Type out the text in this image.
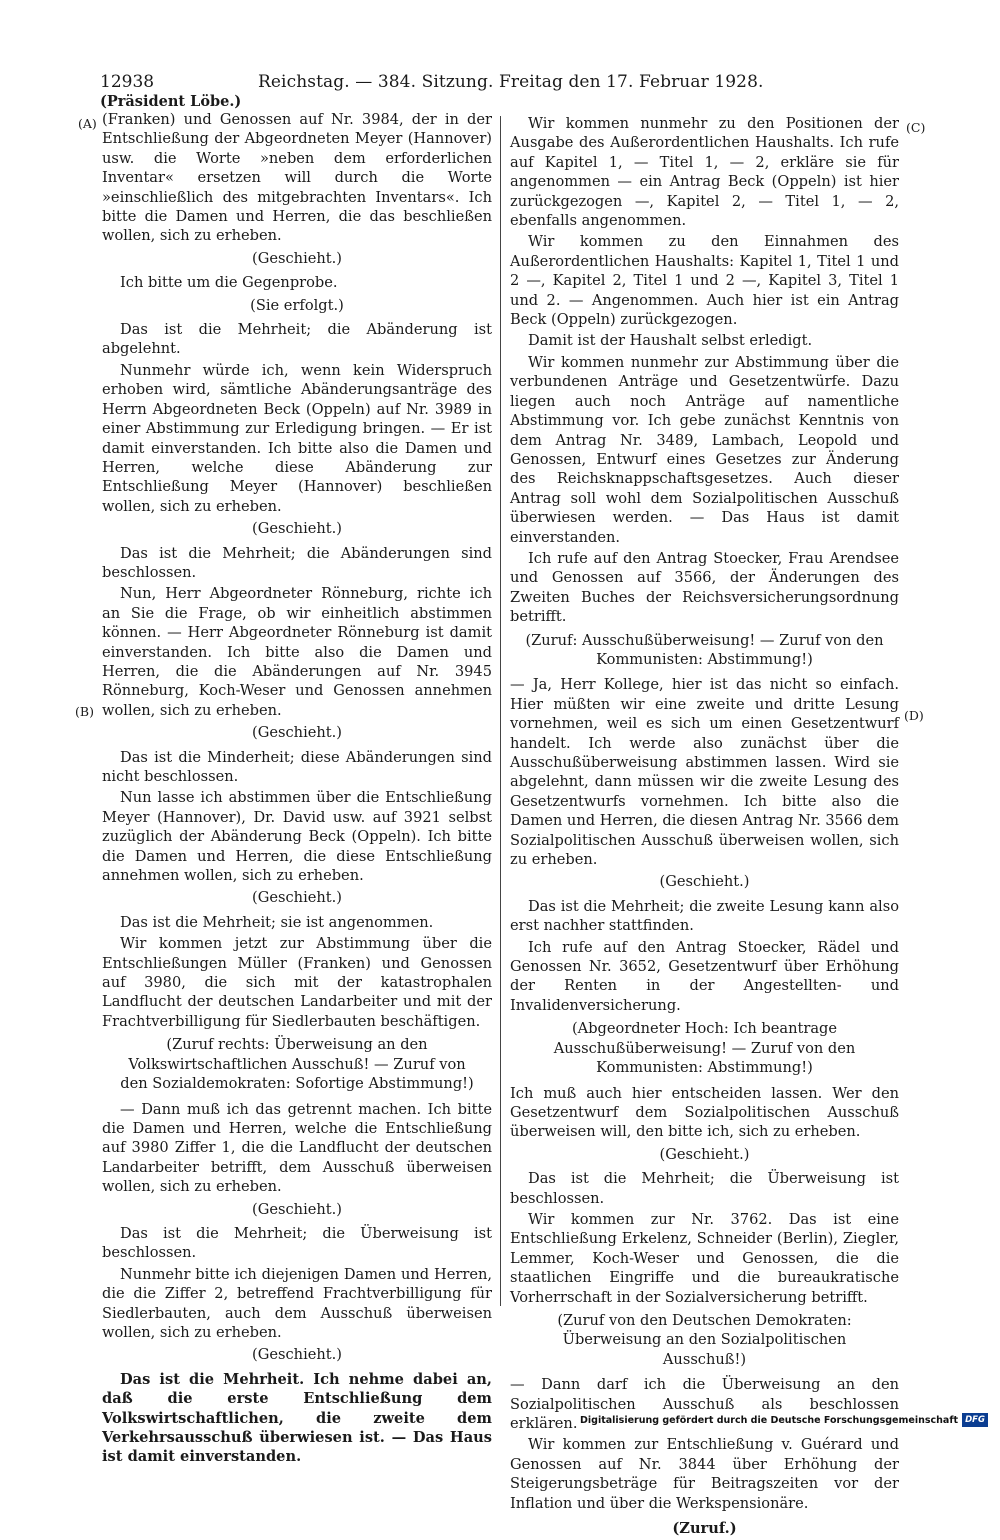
12938	Reichstag. — 384. Sitzung. Freitag den 17. Februar 1928.
(Präsident Löbe.)
(A)
(B)
(C)
(D)

(Franken) und Genossen auf Nr. 3984, der in der Entschließung der Abgeordneten Meyer (Hannover) usw. die Worte »neben dem erforderlichen Inventar« ersetzen will durch die Worte »einschließlich des mitgebrachten Inventars«. Ich bitte die Damen und Herren, die das beschließen wollen, sich zu erheben.

(Geschieht.)

Ich bitte um die Gegenprobe.

(Sie erfolgt.)

Das ist die Mehrheit; die Abänderung ist abgelehnt.

Nunmehr würde ich, wenn kein Widerspruch erhoben wird, sämtliche Abänderungsanträge des Herrn Abgeordneten Beck (Oppeln) auf Nr. 3989 in einer Abstimmung zur Erledigung bringen. — Er ist damit einverstanden. Ich bitte also die Damen und Herren, welche diese Abänderung zur Entschließung Meyer (Hannover) beschließen wollen, sich zu erheben.

(Geschieht.)

Das ist die Mehrheit; die Abänderungen sind beschlossen.

Nun, Herr Abgeordneter Rönneburg, richte ich an Sie die Frage, ob wir einheitlich abstimmen können. — Herr Abgeordneter Rönneburg ist damit einverstanden. Ich bitte also die Damen und Herren, die die Abänderungen auf Nr. 3945 Rönneburg, Koch-Weser und Genossen annehmen wollen, sich zu erheben.

(Geschieht.)

Das ist die Minderheit; diese Abänderungen sind nicht beschlossen.

Nun lasse ich abstimmen über die Entschließung Meyer (Hannover), Dr. David usw. auf 3921 selbst zuzüglich der Abänderung Beck (Oppeln). Ich bitte die Damen und Herren, die diese Entschließung annehmen wollen, sich zu erheben.

(Geschieht.)

Das ist die Mehrheit; sie ist angenommen.

Wir kommen jetzt zur Abstimmung über die Entschließungen Müller (Franken) und Genossen auf 3980, die sich mit der katastrophalen Landflucht der deutschen Landarbeiter und mit der Frachtverbilligung für Siedlerbauten beschäftigen.

(Zuruf rechts: Überweisung an den Volkswirtschaftlichen Ausschuß! — Zuruf von den Sozialdemokraten: Sofortige Abstimmung!)

— Dann muß ich das getrennt machen. Ich bitte die Damen und Herren, welche die Entschließung auf 3980 Ziffer 1, die die Landflucht der deutschen Landarbeiter betrifft, dem Ausschuß überweisen wollen, sich zu erheben.

(Geschieht.)

Das ist die Mehrheit; die Überweisung ist beschlossen.

Nunmehr bitte ich diejenigen Damen und Herren, die die Ziffer 2, betreffend Frachtverbilligung für Siedlerbauten, auch dem Ausschuß überweisen wollen, sich zu erheben.

(Geschieht.)

Das ist die Mehrheit. Ich nehme dabei an, daß die erste Entschließung dem Volkswirtschaftlichen, die zweite dem Verkehrsausschuß überwiesen ist. — Das Haus ist damit einverstanden.

Wir kommen nunmehr zu den Positionen der Ausgabe des Außerordentlichen Haushalts. Ich rufe auf Kapitel 1, — Titel 1, — 2, erkläre sie für angenommen — ein Antrag Beck (Oppeln) ist hier zurückgezogen —, Kapitel 2, — Titel 1, — 2, ebenfalls angenommen.

Wir kommen zu den Einnahmen des Außerordentlichen Haushalts: Kapitel 1, Titel 1 und 2 —, Kapitel 2, Titel 1 und 2 —, Kapitel 3, Titel 1 und 2. — Angenommen. Auch hier ist ein Antrag Beck (Oppeln) zurückgezogen.

Damit ist der Haushalt selbst erledigt.

Wir kommen nunmehr zur Abstimmung über die verbundenen Anträge und Gesetzentwürfe. Dazu liegen auch noch Anträge auf namentliche Abstimmung vor. Ich gebe zunächst Kenntnis von dem Antrag Nr. 3489, Lambach, Leopold und Genossen, Entwurf eines Gesetzes zur Änderung des Reichsknappschaftsgesetzes. Auch dieser Antrag soll wohl dem Sozialpolitischen Ausschuß überwiesen werden. — Das Haus ist damit einverstanden.

Ich rufe auf den Antrag Stoecker, Frau Arendsee und Genossen auf 3566, der Änderungen des Zweiten Buches der Reichsversicherungsordnung betrifft.

(Zuruf: Ausschußüberweisung! — Zuruf von den Kommunisten: Abstimmung!)

— Ja, Herr Kollege, hier ist das nicht so einfach. Hier müßten wir eine zweite und dritte Lesung vornehmen, weil es sich um einen Gesetzentwurf handelt. Ich werde also zunächst über die Ausschußüberweisung abstimmen lassen. Wird sie abgelehnt, dann müssen wir die zweite Lesung des Gesetzentwurfs vornehmen. Ich bitte also die Damen und Herren, die diesen Antrag Nr. 3566 dem Sozialpolitischen Ausschuß überweisen wollen, sich zu erheben.

(Geschieht.)

Das ist die Mehrheit; die zweite Lesung kann also erst nachher stattfinden.

Ich rufe auf den Antrag Stoecker, Rädel und Genossen Nr. 3652, Gesetzentwurf über Erhöhung der Renten in der Angestellten- und Invalidenversicherung.

(Abgeordneter Hoch: Ich beantrage Ausschußüberweisung! — Zuruf von den Kommunisten: Abstimmung!)

Ich muß auch hier entscheiden lassen. Wer den Gesetzentwurf dem Sozialpolitischen Ausschuß überweisen will, den bitte ich, sich zu erheben.

(Geschieht.)

Das ist die Mehrheit; die Überweisung ist beschlossen.

Wir kommen zur Nr. 3762. Das ist eine Entschließung Erkelenz, Schneider (Berlin), Ziegler, Lemmer, Koch-Weser und Genossen, die die staatlichen Eingriffe und die bureaukratische Vorherrschaft in der Sozialversicherung betrifft.

(Zuruf von den Deutschen Demokraten: Überweisung an den Sozialpolitischen Ausschuß!)

— Dann darf ich die Überweisung an den Sozialpolitischen Ausschuß als beschlossen erklären.

Wir kommen zur Entschließung v. Guérard und Genossen auf Nr. 3844 über Erhöhung der Steigerungsbeträge für Beitragszeiten vor der Inflation und über die Werkspensionäre.

(Zuruf.)

Digitalisierung gefördert durch die Deutsche Forschungsgemeinschaft DFG
